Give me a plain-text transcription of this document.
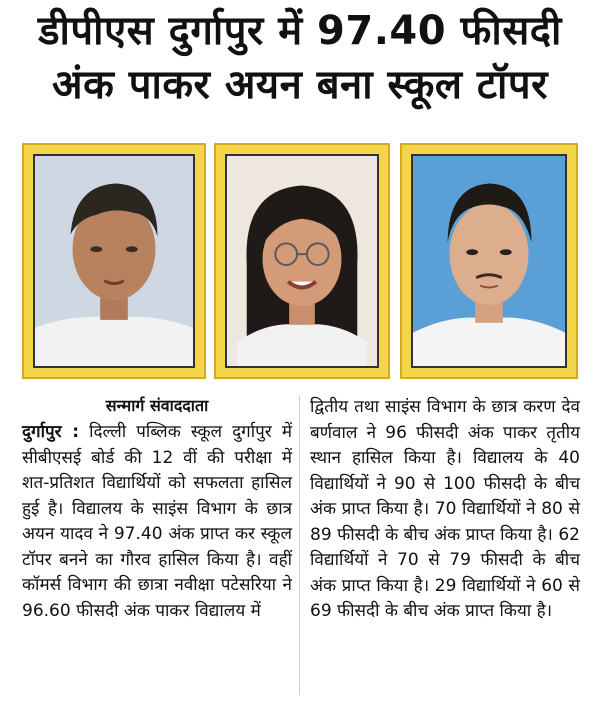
डीपीएस दुर्गापुर में 97.40 फीसदी
अंक पाकर अयन बना स्कूल टॉपर
सन्मार्ग संवाददाता
दुर्गापुर : दिल्ली पब्लिक स्कूल दुर्गापुर में सीबीएसई बोर्ड की 12 वीं की परीक्षा में शत-प्रतिशत विद्यार्थियों को सफलता हासिल हुई है। विद्यालय के साइंस विभाग के छात्र अयन यादव ने 97.40 अंक प्राप्त कर स्कूल टॉपर बनने का गौरव हासिल किया है। वहीं कॉमर्स विभाग की छात्रा नवीक्षा पटेसरिया ने 96.60 फीसदी अंक पाकर विद्यालय में
द्वितीय तथा साइंस विभाग के छात्र करण देव बर्णवाल ने 96 फीसदी अंक पाकर तृतीय स्थान हासिल किया है। विद्यालय के 40 विद्यार्थियों ने 90 से 100 फीसदी के बीच अंक प्राप्त किया है। 70 विद्यार्थियों ने 80 से 89 फीसदी के बीच अंक प्राप्त किया है। 62 विद्यार्थियों ने 70 से 79 फीसदी के बीच अंक प्राप्त किया है। 29 विद्यार्थियों ने 60 से 69 फीसदी के बीच अंक प्राप्त किया है।
